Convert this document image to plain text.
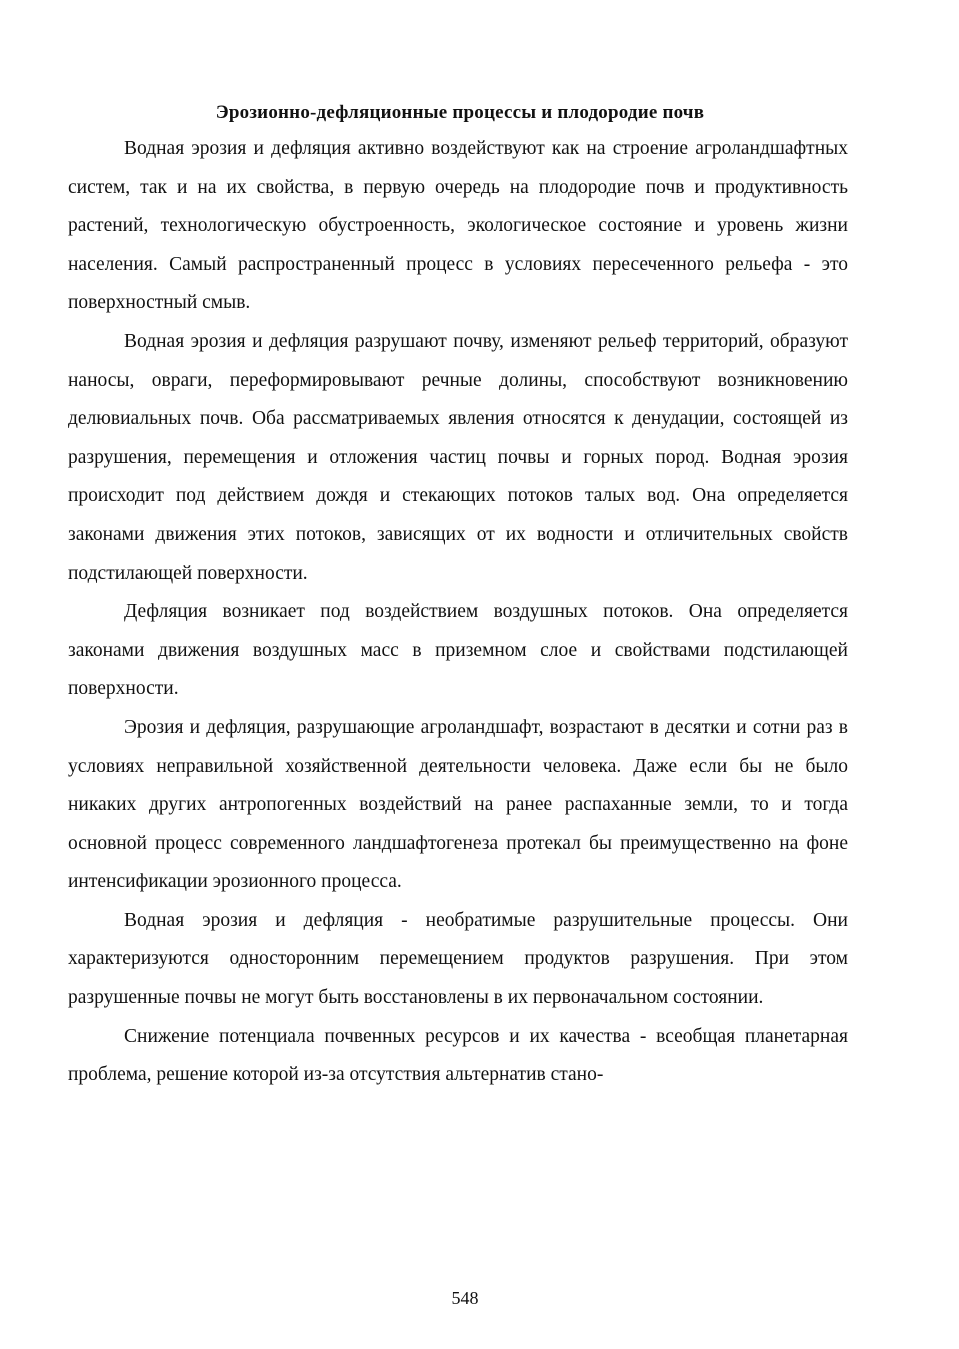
Эрозионно-дефляционные процессы и плодородие почв

Водная эрозия и дефляция активно воздействуют как на строение агроландшафтных систем, так и на их свойства, в первую очередь на плодородие почв и продуктивность растений, технологическую обустроенность, экологическое состояние и уровень жизни населения. Самый распространенный процесс в условиях пересеченного рельефа - это поверхностный смыв.

Водная эрозия и дефляция разрушают почву, изменяют рельеф территорий, образуют наносы, овраги, переформировывают речные долины, способствуют возникновению делювиальных почв. Оба рассматриваемых явления относятся к денудации, состоящей из разрушения, перемещения и отложения частиц почвы и горных пород. Водная эрозия происходит под действием дождя и стекающих потоков талых вод. Она определяется законами движения этих потоков, зависящих от их водности и отличительных свойств подстилающей поверхности.

Дефляция возникает под воздействием воздушных потоков. Она определяется законами движения воздушных масс в приземном слое и свойствами подстилающей поверхности.

Эрозия и дефляция, разрушающие агроландшафт, возрастают в десятки и сотни раз в условиях неправильной хозяйственной деятельности человека. Даже если бы не было никаких других антропогенных воздействий на ранее распаханные земли, то и тогда основной процесс современного ландшафтогенеза протекал бы преимущественно на фоне интенсификации эрозионного процесса.

Водная эрозия и дефляция - необратимые разрушительные процессы. Они характеризуются односторонним перемещением продуктов разрушения. При этом разрушенные почвы не могут быть восстановлены в их первоначальном состоянии.

Снижение потенциала почвенных ресурсов и их качества - всеобщая планетарная проблема, решение которой из-за отсутствия альтернатив стано-

548
